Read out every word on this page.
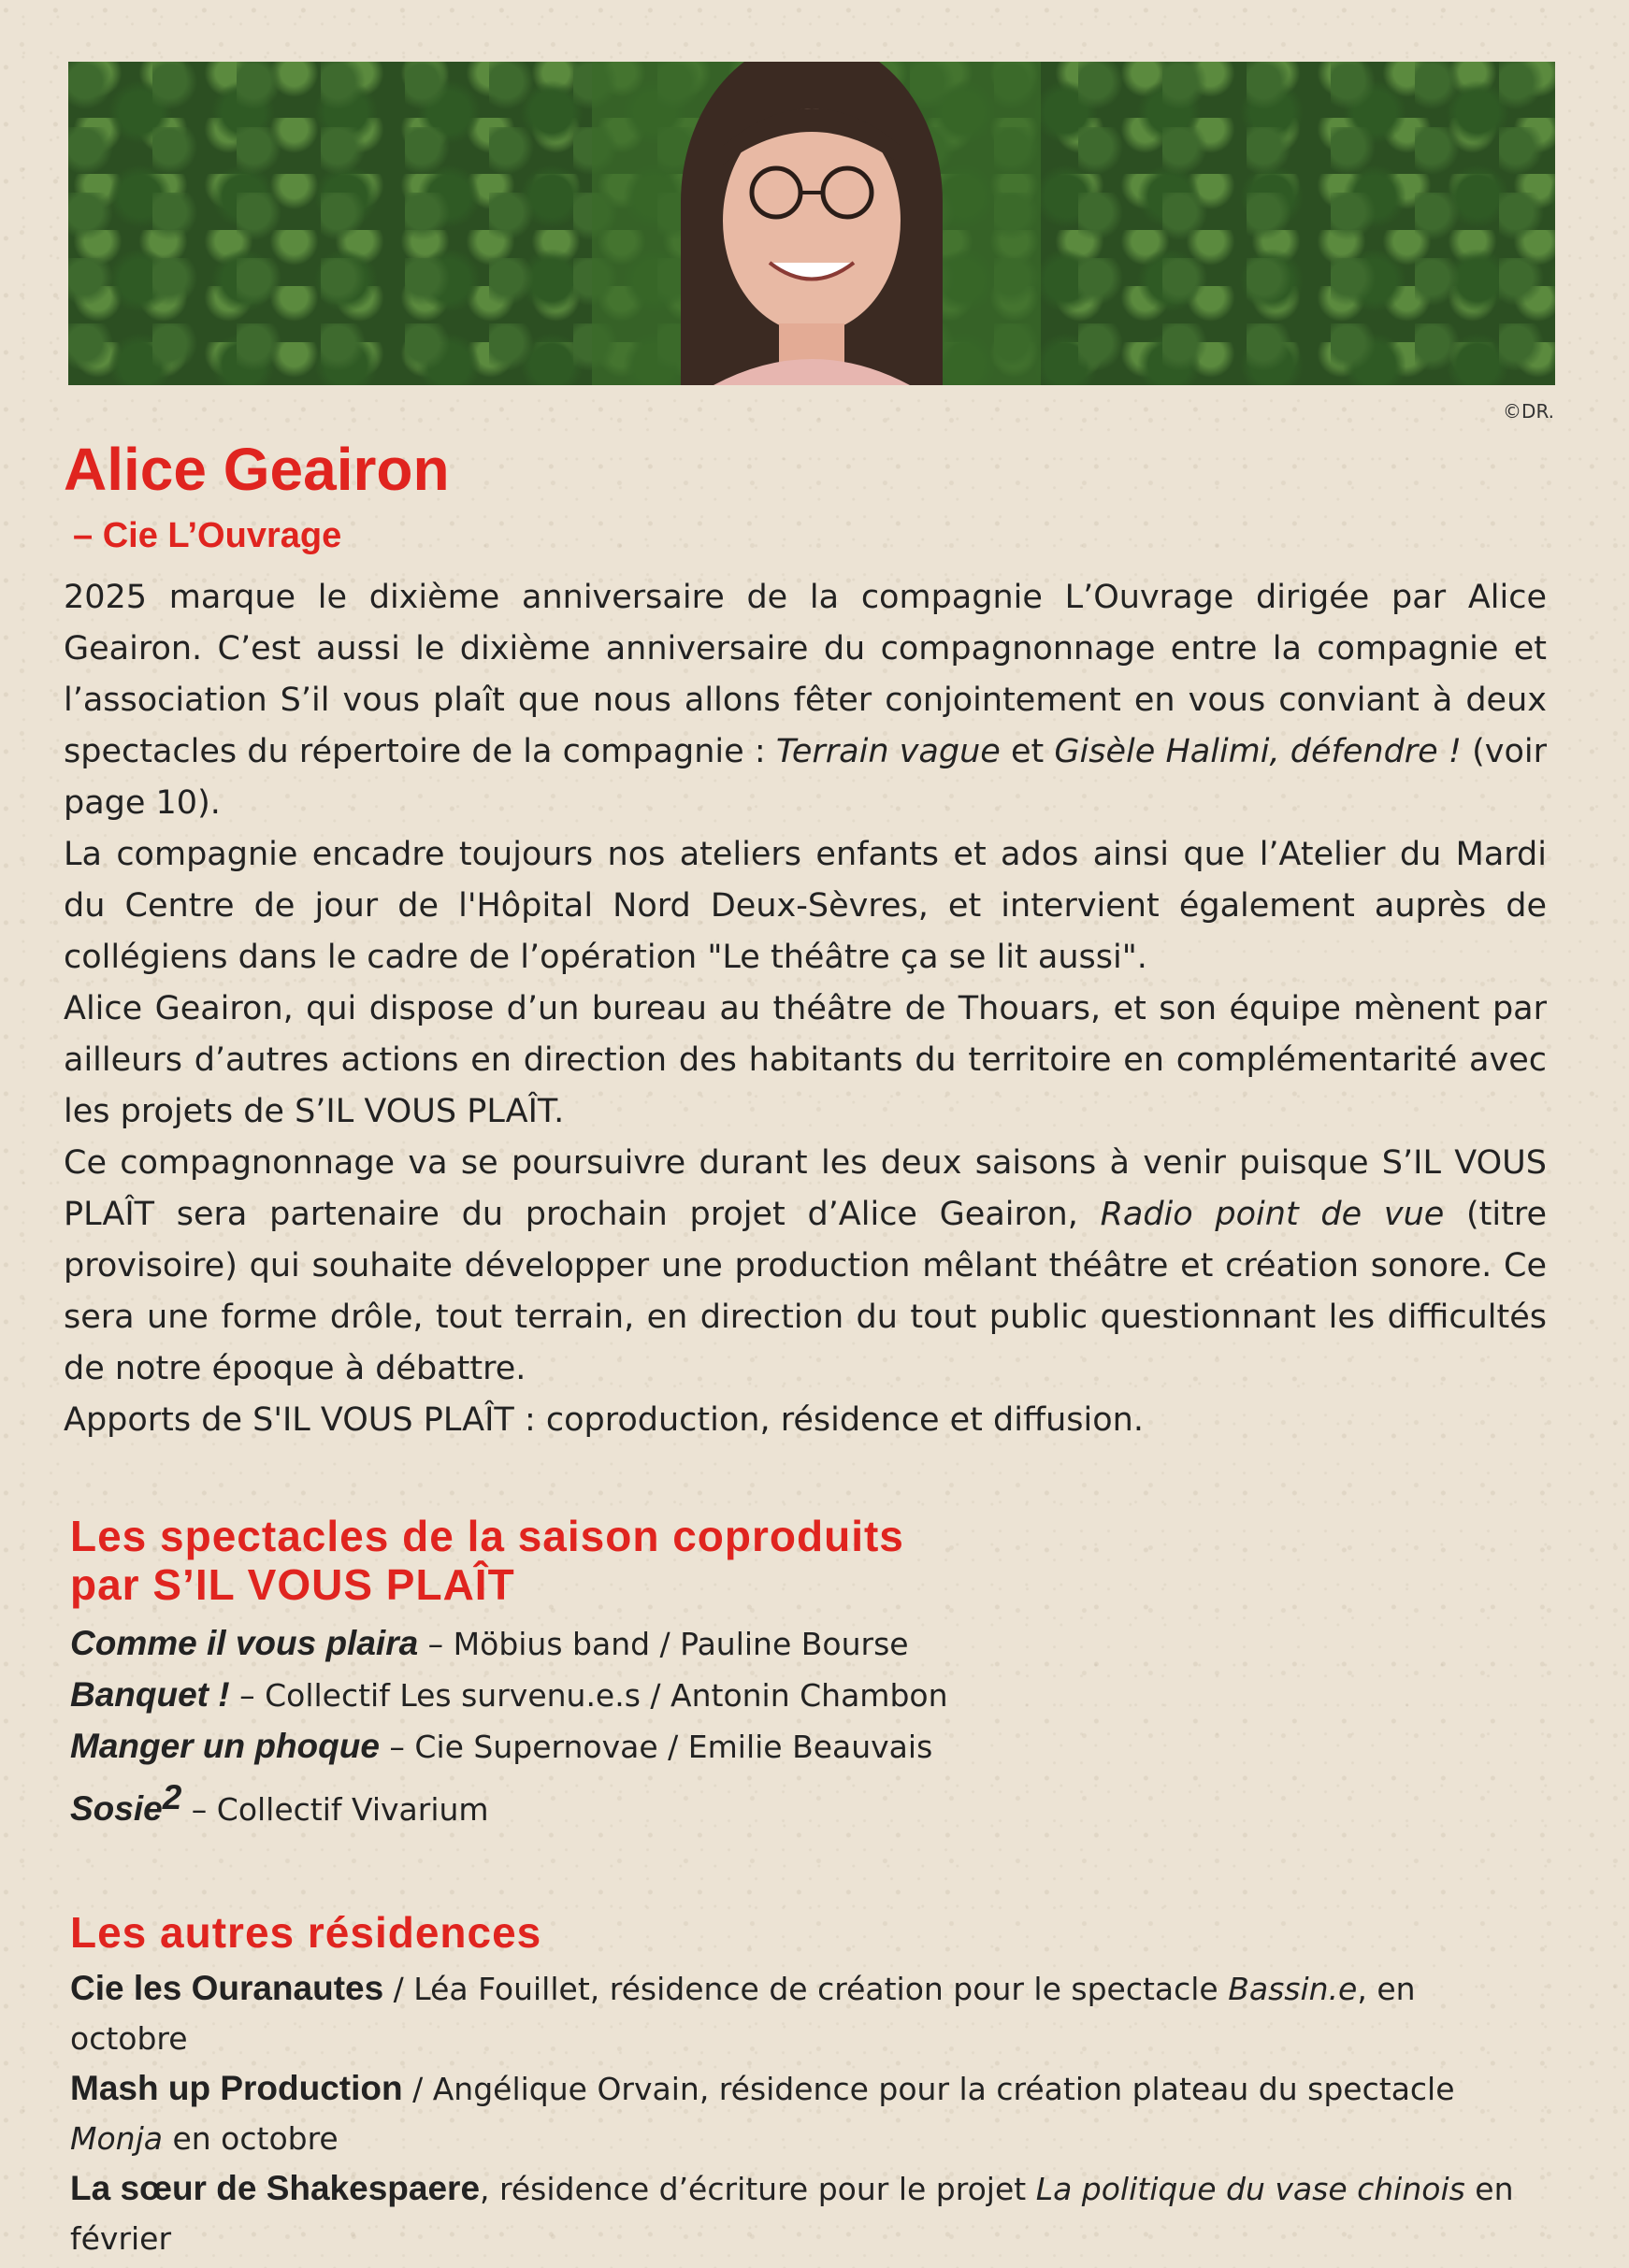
©DR.
Alice Geairon
– Cie L’Ouvrage

2025 marque le dixième anniversaire de la compagnie L’Ouvrage dirigée par Alice Geairon. C’est aussi le dixième anniversaire du compagnonnage entre la compagnie et l’association S’il vous plaît que nous allons fêter conjointement en vous conviant à deux spectacles du répertoire de la compagnie : Terrain vague et Gisèle Halimi, défendre ! (voir page 10).

La compagnie encadre toujours nos ateliers enfants et ados ainsi que l’Atelier du Mardi du Centre de jour de l'Hôpital Nord Deux-Sèvres, et intervient également auprès de collégiens dans le cadre de l’opération "Le théâtre ça se lit aussi".

Alice Geairon, qui dispose d’un bureau au théâtre de Thouars, et son équipe mènent par ailleurs d’autres actions en direction des habitants du territoire en complémentarité avec les projets de S’IL VOUS PLAÎT.

Ce compagnonnage va se poursuivre durant les deux saisons à venir puisque S’IL VOUS PLAÎT sera partenaire du prochain projet d’Alice Geairon, Radio point de vue (titre provisoire) qui souhaite développer une production mêlant théâtre et création sonore. Ce sera une forme drôle, tout terrain, en direction du tout public questionnant les difficultés de notre époque à débattre.

Apports de S'IL VOUS PLAÎT : coproduction, résidence et diffusion.

Les spectacles de la saison coproduits
par S’IL VOUS PLAÎT
Comme il vous plaira – Möbius band / Pauline Bourse
Banquet ! – Collectif Les survenu.e.s / Antonin Chambon
Manger un phoque – Cie Supernovae / Emilie Beauvais
Sosie$^2$ – Collectif Vivarium
Les autres résidences
Cie les Ouranautes / Léa Fouillet, résidence de création pour le spectacle Bassin.e, en octobre
Mash up Production / Angélique Orvain, résidence pour la création plateau du spectacle Monja en octobre
La sœur de Shakespaere, résidence d’écriture pour le projet La politique du vase chinois en février
